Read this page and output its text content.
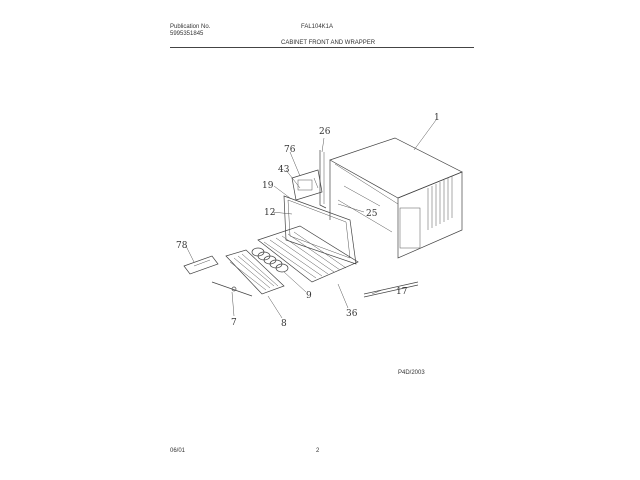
Publication No.
5995351845
FAL104K1A
CABINET FRONT AND WRAPPER
1
26
76
43
19
12	25
78
9	17
7	8
36
P4D/2003
06/01	2
